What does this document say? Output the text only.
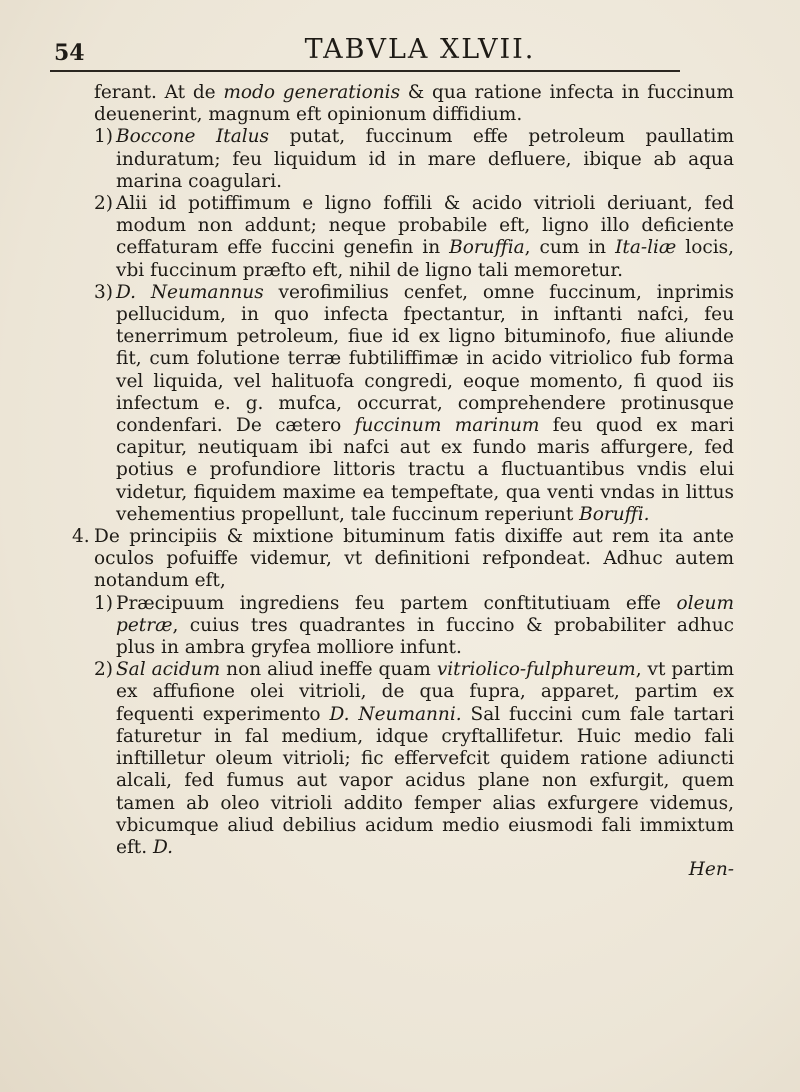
54	TABVLA XLVII.

ferant. At de modo generationis & qua ratione infecta in fuccinum deuenerint, magnum eft opinionum diffidium.

1) Boccone Italus putat, fuccinum effe petroleum paullatim induratum; feu liquidum id in mare defluere, ibique ab aqua marina coagulari.
2) Alii id potiffimum e ligno foffili & acido vitrioli deriuant, fed modum non addunt; neque probabile eft, ligno illo deficiente ceffaturam effe fuccini genefin in Boruffia, cum in Ita-liæ locis, vbi fuccinum præfto eft, nihil de ligno tali memoretur.
3) D. Neumannus verofimilius cenfet, omne fuccinum, inprimis pellucidum, in quo infecta fpectantur, in inftanti nafci, feu tenerrimum petroleum, fiue id ex ligno bituminofo, fiue aliunde fit, cum folutione terræ fubtiliffimæ in acido vitriolico fub forma vel liquida, vel halituofa congredi, eoque momento, fi quod iis infectum e. g. mufca, occurrat, comprehendere protinusque condenfari. De cætero fuccinum marinum feu quod ex mari capitur, neutiquam ibi nafci aut ex fundo maris affurgere, fed potius e profundiore littoris tractu a fluctuantibus vndis elui videtur, fiquidem maxime ea tempeftate, qua venti vndas in littus vehementius propellunt, tale fuccinum reperiunt Boruffi.
4. De principiis & mixtione bituminum fatis dixiffe aut rem ita ante oculos pofuiffe videmur, vt definitioni refpondeat. Adhuc autem notandum eft,
1) Præcipuum ingrediens feu partem conftitutiuam effe oleum petræ, cuius tres quadrantes in fuccino & probabiliter adhuc plus in ambra gryfea molliore infunt.
2) Sal acidum non aliud ineffe quam vitriolico-fulphureum, vt partim ex affufione olei vitrioli, de qua fupra, apparet, partim ex fequenti experimento D. Neumanni. Sal fuccini cum fale tartari faturetur in fal medium, idque cryftallifetur. Huic medio fali inftilletur oleum vitrioli; fic effervefcit quidem ratione adiuncti alcali, fed fumus aut vapor acidus plane non exfurgit, quem tamen ab oleo vitrioli addito femper alias exfurgere videmus, vbicumque aliud debilius acidum medio eiusmodi fali immixtum eft. D.
Hen-
